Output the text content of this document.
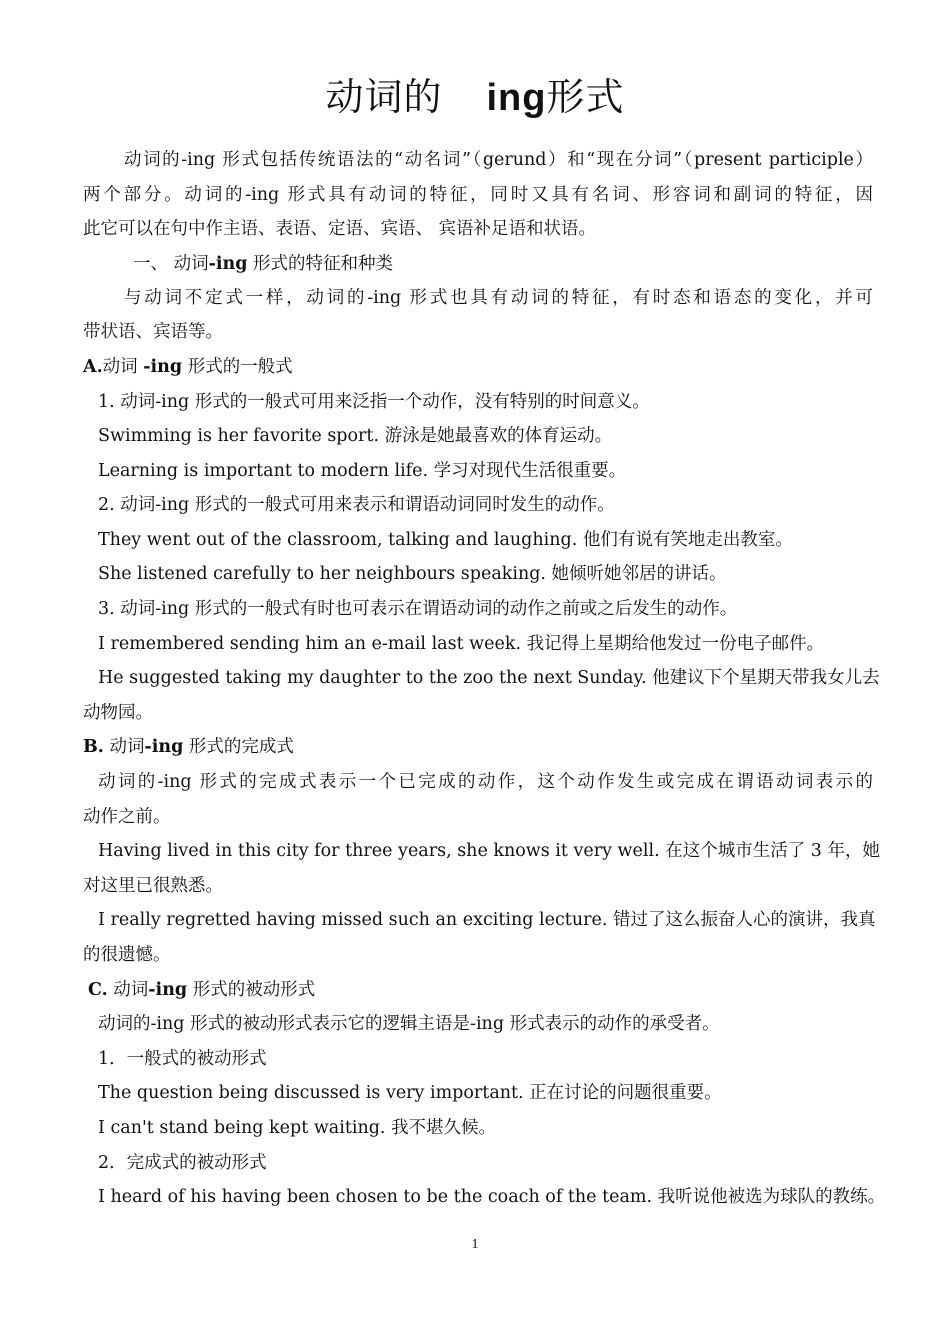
动词的 ing形式
动词的-ing 形式包括传统语法的“动名词”（gerund）和“现在分词”（present participle）
两个部分。动词的-ing 形式具有动词的特征，同时又具有名词、形容词和副词的特征，因
此它可以在句中作主语、表语、定语、宾语、 宾语补足语和状语。
一、 动词-ing 形式的特征和种类
与动词不定式一样，动词的-ing 形式也具有动词的特征，有时态和语态的变化，并可
带状语、宾语等。
A.动词 -ing 形式的一般式
1. 动词-ing 形式的一般式可用来泛指一个动作，没有特别的时间意义。
Swimming is her favorite sport. 游泳是她最喜欢的体育运动。
Learning is important to modern life. 学习对现代生活很重要。
2. 动词-ing 形式的一般式可用来表示和谓语动词同时发生的动作。
They went out of the classroom, talking and laughing. 他们有说有笑地走出教室。
She listened carefully to her neighbours speaking. 她倾听她邻居的讲话。
3. 动词-ing 形式的一般式有时也可表示在谓语动词的动作之前或之后发生的动作。
I remembered sending him an e-mail last week. 我记得上星期给他发过一份电子邮件。
He suggested taking my daughter to the zoo the next Sunday. 他建议下个星期天带我女儿去
动物园。
B. 动词-ing 形式的完成式
动词的-ing 形式的完成式表示一个已完成的动作，这个动作发生或完成在谓语动词表示的
动作之前。
Having lived in this city for three years, she knows it very well. 在这个城市生活了 3 年，她
对这里已很熟悉。
I really regretted having missed such an exciting lecture. 错过了这么振奋人心的演讲，我真
的很遗憾。
C. 动词-ing 形式的被动形式
动词的-ing 形式的被动形式表示它的逻辑主语是-ing 形式表示的动作的承受者。
1．一般式的被动形式
The question being discussed is very important. 正在讨论的问题很重要。
I can't stand being kept waiting. 我不堪久候。
2．完成式的被动形式
I heard of his having been chosen to be the coach of the team. 我听说他被选为球队的教练。
1
